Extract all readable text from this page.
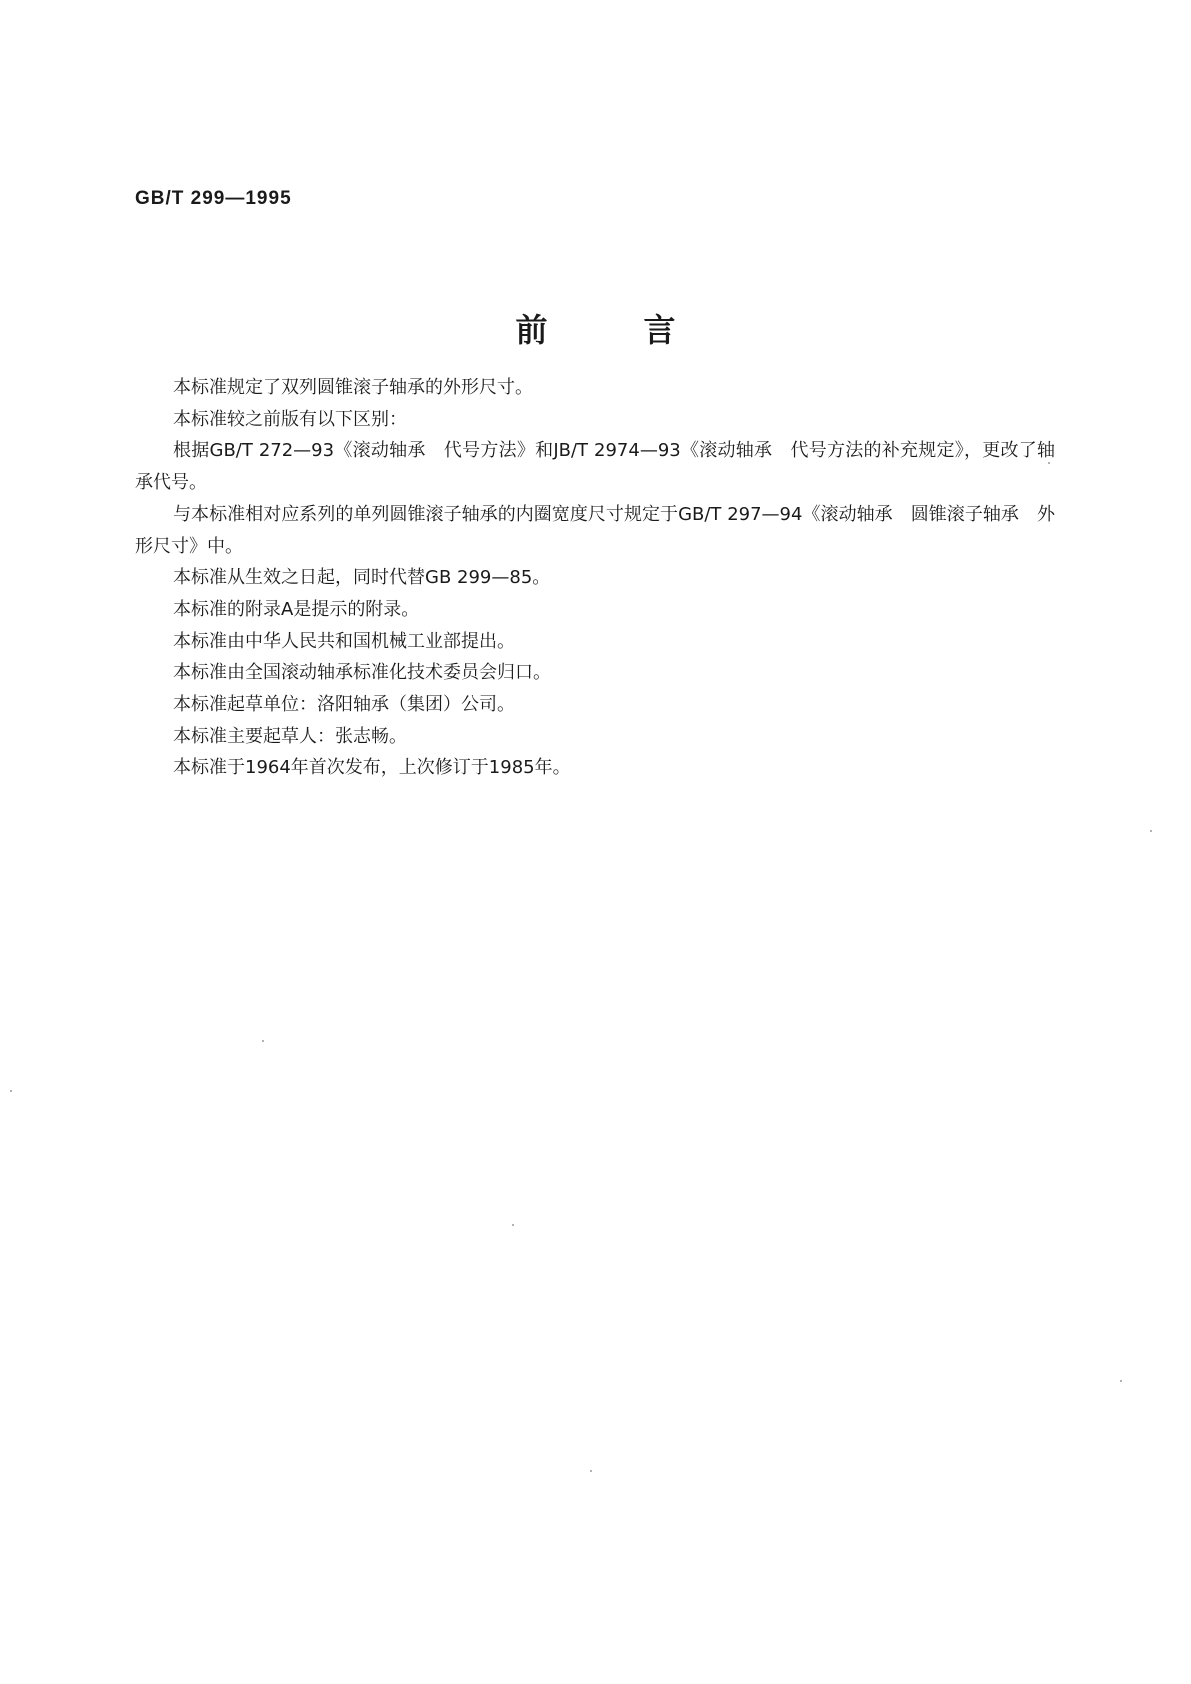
GB/T 299—1995
前言

本标准规定了双列圆锥滚子轴承的外形尺寸。

本标准较之前版有以下区别：

根据GB/T 272—93《滚动轴承　代号方法》和JB/T 2974—93《滚动轴承　代号方法的补充规定》，更改了轴承代号。

与本标准相对应系列的单列圆锥滚子轴承的内圈宽度尺寸规定于GB/T 297—94《滚动轴承　圆锥滚子轴承　外形尺寸》中。

本标准从生效之日起，同时代替GB 299—85。

本标准的附录A是提示的附录。

本标准由中华人民共和国机械工业部提出。

本标准由全国滚动轴承标准化技术委员会归口。

本标准起草单位：洛阳轴承（集团）公司。

本标准主要起草人：张志畅。

本标准于1964年首次发布，上次修订于1985年。
